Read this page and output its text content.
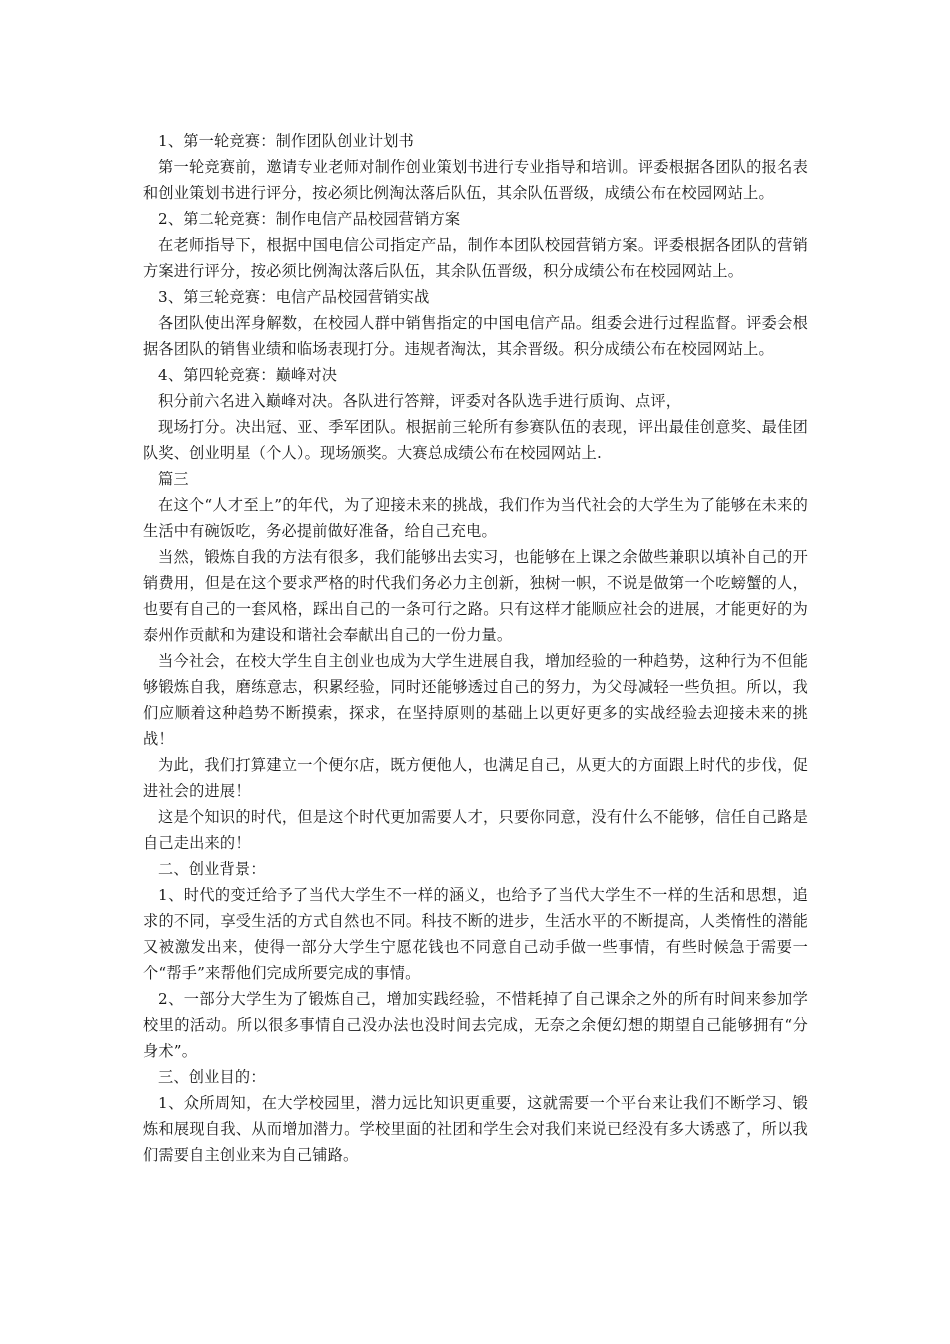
1、第一轮竞赛：制作团队创业计划书

第一轮竞赛前，邀请专业老师对制作创业策划书进行专业指导和培训。评委根据各团队的报名表和创业策划书进行评分，按必须比例淘汰落后队伍，其余队伍晋级，成绩公布在校园网站上。

2、第二轮竞赛：制作电信产品校园营销方案

在老师指导下，根据中国电信公司指定产品，制作本团队校园营销方案。评委根据各团队的营销方案进行评分，按必须比例淘汰落后队伍，其余队伍晋级，积分成绩公布在校园网站上。

3、第三轮竞赛：电信产品校园营销实战

各团队使出浑身解数，在校园人群中销售指定的中国电信产品。组委会进行过程监督。评委会根据各团队的销售业绩和临场表现打分。违规者淘汰，其余晋级。积分成绩公布在校园网站上。

4、第四轮竞赛：巅峰对决

积分前六名进入巅峰对决。各队进行答辩，评委对各队选手进行质询、点评，

现场打分。决出冠、亚、季军团队。根据前三轮所有参赛队伍的表现，评出最佳创意奖、最佳团队奖、创业明星（个人）。现场颁奖。大赛总成绩公布在校园网站上.

篇三

在这个“人才至上”的年代，为了迎接未来的挑战，我们作为当代社会的大学生为了能够在未来的生活中有碗饭吃，务必提前做好准备，给自己充电。

当然，锻炼自我的方法有很多，我们能够出去实习，也能够在上课之余做些兼职以填补自己的开销费用，但是在这个要求严格的时代我们务必力主创新，独树一帜，不说是做第一个吃螃蟹的人，也要有自己的一套风格，踩出自己的一条可行之路。只有这样才能顺应社会的进展，才能更好的为泰州作贡献和为建设和谐社会奉献出自己的一份力量。

当今社会，在校大学生自主创业也成为大学生进展自我，增加经验的一种趋势，这种行为不但能够锻炼自我，磨练意志，积累经验，同时还能够透过自己的努力，为父母减轻一些负担。所以，我们应顺着这种趋势不断摸索，探求，在坚持原则的基础上以更好更多的实战经验去迎接未来的挑战！

为此，我们打算建立一个便尔店，既方便他人，也满足自己，从更大的方面跟上时代的步伐，促进社会的进展！

这是个知识的时代，但是这个时代更加需要人才，只要你同意，没有什么不能够，信任自己路是自己走出来的！

二、创业背景：

1、时代的变迁给予了当代大学生不一样的涵义，也给予了当代大学生不一样的生活和思想，追求的不同，享受生活的方式自然也不同。科技不断的进步，生活水平的不断提高，人类惰性的潜能又被激发出来，使得一部分大学生宁愿花钱也不同意自己动手做一些事情，有些时候急于需要一个“帮手”来帮他们完成所要完成的事情。

2、一部分大学生为了锻炼自己，增加实践经验，不惜耗掉了自己课余之外的所有时间来参加学校里的活动。所以很多事情自己没办法也没时间去完成，无奈之余便幻想的期望自己能够拥有“分身术”。

三、创业目的：

1、众所周知，在大学校园里，潜力远比知识更重要，这就需要一个平台来让我们不断学习、锻炼和展现自我、从而增加潜力。学校里面的社团和学生会对我们来说已经没有多大诱惑了，所以我们需要自主创业来为自己铺路。
